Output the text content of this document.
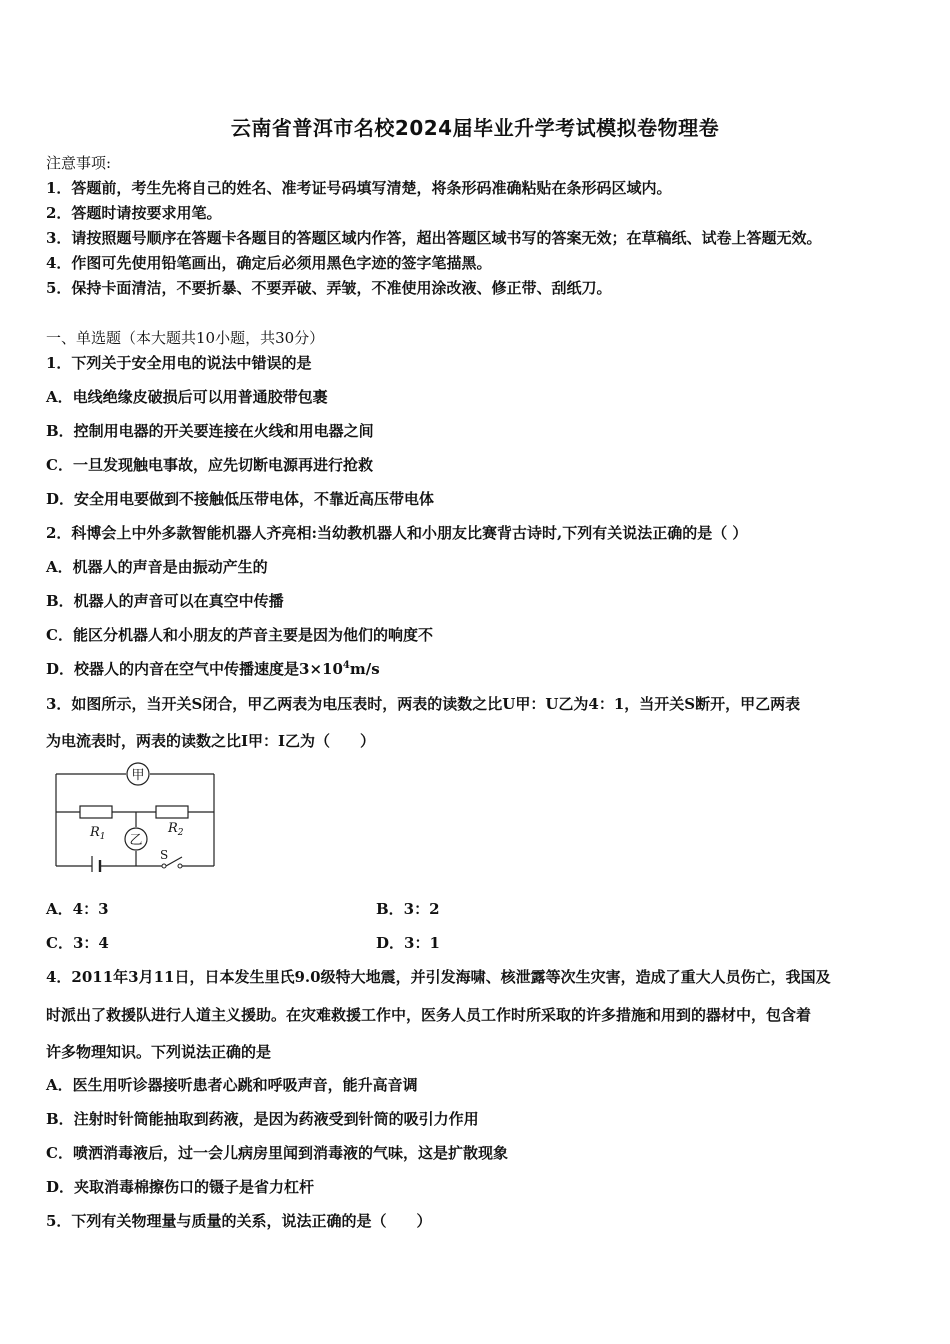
云南省普洱市名校2024届毕业升学考试模拟卷物理卷
注意事项:
1．答题前，考生先将自己的姓名、准考证号码填写清楚，将条形码准确粘贴在条形码区域内。
2．答题时请按要求用笔。
3．请按照题号顺序在答题卡各题目的答题区域内作答，超出答题区域书写的答案无效；在草稿纸、试卷上答题无效。
4．作图可先使用铅笔画出，确定后必须用黑色字迹的签字笔描黑。
5．保持卡面清洁，不要折暴、不要弄破、弄皱，不准使用涂改液、修正带、刮纸刀。
一、单选题（本大题共10小题，共30分）
1．下列关于安全用电的说法中错误的是
A．电线绝缘皮破损后可以用普通胶带包裹
B．控制用电器的开关要连接在火线和用电器之间
C．一旦发现触电事故，应先切断电源再进行抢救
D．安全用电要做到不接触低压带电体，不靠近高压带电体
2．科博会上中外多款智能机器人齐亮相:当幼教机器人和小朋友比赛背古诗时,下列有关说法正确的是（ ）
A．机器人的声音是由振动产生的
B．机器人的声音可以在真空中传播
C．能区分机器人和小朋友的芦音主要是因为他们的响度不
D．校器人的内音在空气中传播速度是$3\times 10^4m/s$
3．如图所示，当开关S闭合，甲乙两表为电压表时，两表的读数之比U甲：U乙为4：1，当开关S断开，甲乙两表
为电流表时，两表的读数之比I甲：I乙为（　　）
甲
乙
$R_1$
$R_2$
S
A．4：3	B．3：2
C．3：4	D．3：1
4．2011年3月11日，日本发生里氏9.0级特大地震，并引发海啸、核泄露等次生灾害，造成了重大人员伤亡，我国及
时派出了救援队进行人道主义援助。在灾难救援工作中，医务人员工作时所采取的许多措施和用到的器材中，包含着
许多物理知识。下列说法正确的是
A．医生用听诊器接听患者心跳和呼吸声音，能升高音调
B．注射时针筒能抽取到药液，是因为药液受到针筒的吸引力作用
C．喷洒消毒液后，过一会儿病房里闻到消毒液的气味，这是扩散现象
D．夹取消毒棉擦伤口的镊子是省力杠杆
5．下列有关物理量与质量的关系，说法正确的是（　　）
